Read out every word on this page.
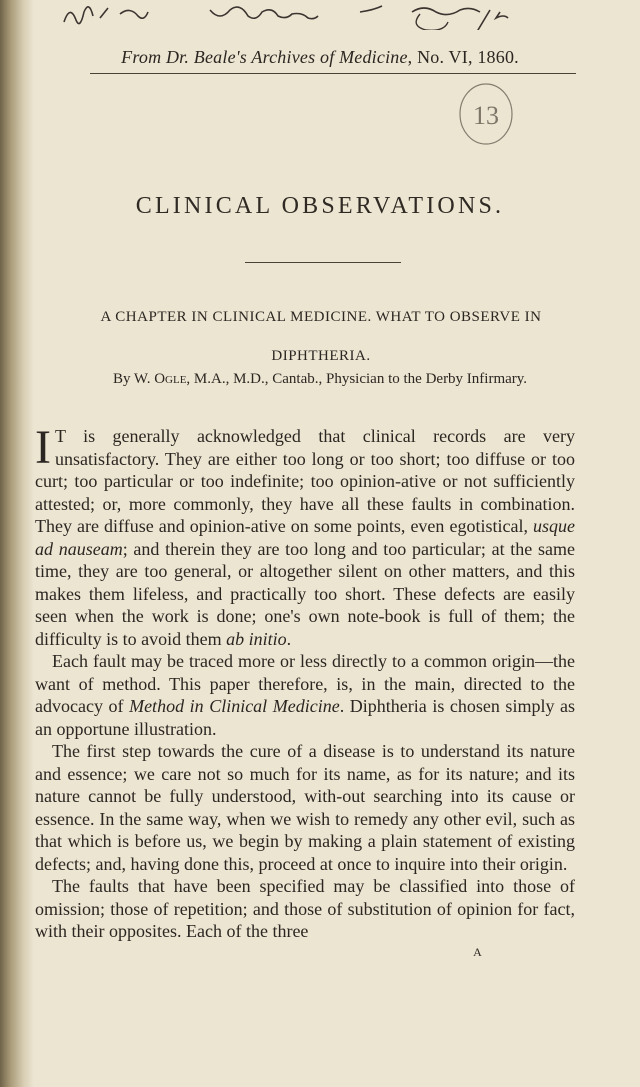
From Dr. Beale's Archives of Medicine, No. VI, 1860.
13
CLINICAL OBSERVATIONS.
A CHAPTER IN CLINICAL MEDICINE. WHAT TO OBSERVE IN DIPHTHERIA.
By W. Ogle, M.A., M.D., Cantab., Physician to the Derby Infirmary.

I T is generally acknowledged that clinical records are very unsatisfactory. They are either too long or too short; too diffuse or too curt; too particular or too indefinite; too opinion-ative or not sufficiently attested; or, more commonly, they have all these faults in combination. They are diffuse and opinion-ative on some points, even egotistical, usque ad nauseam; and therein they are too long and too particular; at the same time, they are too general, or altogether silent on other matters, and this makes them lifeless, and practically too short. These defects are easily seen when the work is done; one's own note-book is full of them; the difficulty is to avoid them ab initio.

Each fault may be traced more or less directly to a common origin—the want of method. This paper therefore, is, in the main, directed to the advocacy of Method in Clinical Medicine. Diphtheria is chosen simply as an opportune illustration.

The first step towards the cure of a disease is to understand its nature and essence; we care not so much for its name, as for its nature; and its nature cannot be fully understood, with-out searching into its cause or essence. In the same way, when we wish to remedy any other evil, such as that which is before us, we begin by making a plain statement of existing defects; and, having done this, proceed at once to inquire into their origin.

The faults that have been specified may be classified into those of omission; those of repetition; and those of substitution of opinion for fact, with their opposites. Each of the three

A
